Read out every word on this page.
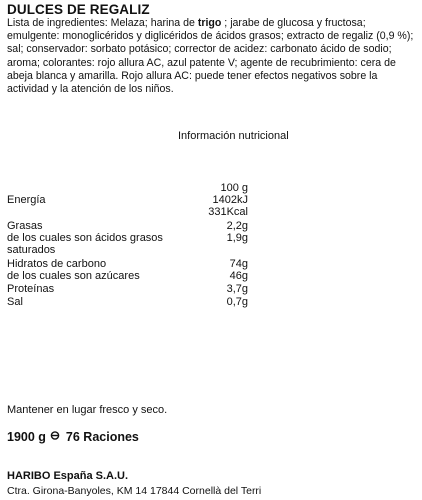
DULCES DE REGALIZ
Lista de ingredientes: Melaza; harina de trigo ; jarabe de glucosa y fructosa; emulgente: monoglicéridos y diglicéridos de ácidos grasos; extracto de regaliz (0,9 %); sal; conservador: sorbato potásico; corrector de acidez: carbonato ácido de sodio; aroma; colorantes: rojo allura AC, azul patente V; agente de recubrimiento: cera de abeja blanca y amarilla. Rojo allura AC: puede tener efectos negativos sobre la actividad y la atención de los niños.
Información nutricional
100 g
Energía	1402kJ
331Kcal
Grasas	2,2g
de los cuales son ácidos grasos	1,9g
saturados
Hidratos de carbono	74g
de los cuales son azúcares	46g
Proteínas	3,7g
Sal	0,7g
Mantener en lugar fresco y seco.
1900 g 76 Raciones
HARIBO España S.A.U.
Ctra. Girona-Banyoles, KM 14 17844 Cornellà del Terri
